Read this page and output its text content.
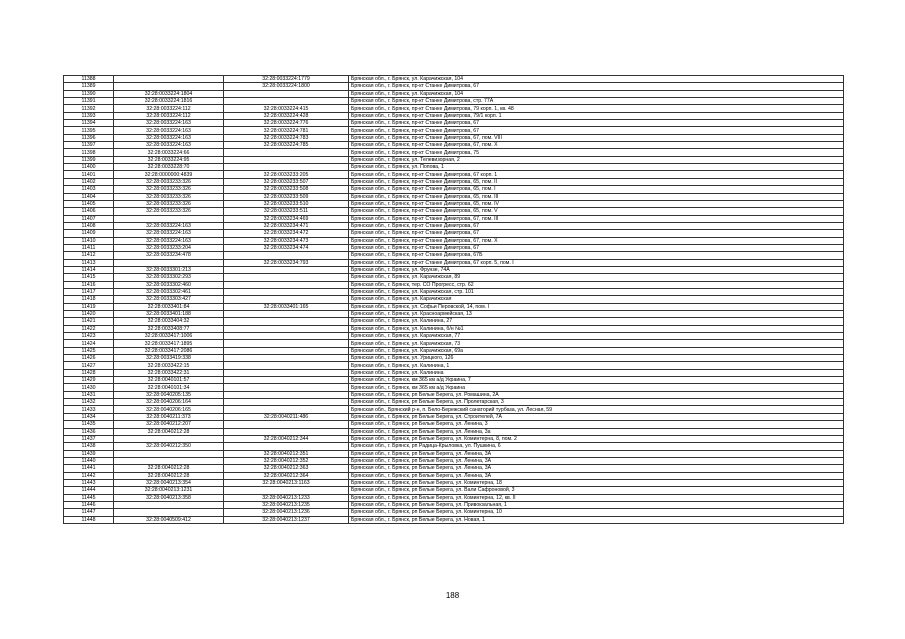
11388		32:28:0033224:1779	Брянская обл., г. Брянск, ул. Карачижская, 104
11389		32:28:0033224:1800	Брянская обл., г. Брянск, пр-кт Станке Димитрова, 67
11390	32:28:0033224:1804		Брянская обл., г. Брянск, ул. Карачижская, 104
11391	32:28:0033224:1816		Брянская обл., г. Брянск, пр-кт Станке Димитрова, стр. 77А
11392	32:28:0033224:112	32:28:0033224:415	Брянская обл., г. Брянск, пр-кт Станке Димитрова, 79 корп. 1, кв. 48
11393	32:28:0033224:112	32:28:0033224:428	Брянская обл., г. Брянск, пр-кт Станке Димитрова, 79/1 корп. 1
11394	32:28:0033224:163	32:28:0033224:776	Брянская обл., г. Брянск, пр-кт Станке Димитрова, 67
11395	32:28:0033224:163	32:28:0033224:781	Брянская обл., г. Брянск, пр-кт Станке Димитрова, 67
11396	32:28:0033224:163	32:28:0033224:783	Брянская обл., г. Брянск, пр-кт Станке Димитрова, 67, пом. VIII
11397	32:28:0033224:163	32:28:0033224:785	Брянская обл., г. Брянск, пр-кт Станке Димитрова, 67, пом. X
11398	32:28:0033224:66		Брянская обл., г. Брянск, пр-кт Станке Димитрова, 75
11399	32:28:0033224:95		Брянская обл., г. Брянск, ул. Телевизорная, 2
11400	32:28:0033228:70		Брянская обл., г. Брянск, ул. Попова, 1
11401	32:28:0000000:4839	32:28:0033233:205	Брянская обл., г. Брянск, пр-кт Станке Димитрова, 67 корп. 1
11402	32:28:0033233:326	32:28:0033233:507	Брянская обл., г. Брянск, пр-кт Станке Димитрова, 65, пом. II
11403	32:28:0033233:326	32:28:0033233:508	Брянская обл., г. Брянск, пр-кт Станке Димитрова, 65, пом. I
11404	32:28:0033233:326	32:28:0033233:509	Брянская обл., г. Брянск, пр-кт Станке Димитрова, 65, пом. III
11405	32:28:0033233:326	32:28:0033233:510	Брянская обл., г. Брянск, пр-кт Станке Димитрова, 65, пом. IV
11406	32:28:0033233:326	32:28:0033233:511	Брянская обл., г. Брянск, пр-кт Станке Димитрова, 65, пом. V
11407		32:28:0033234:469	Брянская обл., г. Брянск, пр-кт Станке Димитрова, 67, пом. III
11408	32:28:0033224:163	32:28:0033234:471	Брянская обл., г. Брянск, пр-кт Станке Димитрова, 67
11409	32:28:0033224:163	32:28:0033234:472	Брянская обл., г. Брянск, пр-кт Станке Димитрова, 67
11410	32:28:0033224:163	32:28:0033234:473	Брянская обл., г. Брянск, пр-кт Станке Димитрова, 67, пом. X
11411	32:28:0033233:204	32:28:0033234:474	Брянская обл., г. Брянск, пр-кт Станке Димитрова, 67
11412	32:28:0033234:478		Брянская обл., г. Брянск, пр-кт Станке Димитрова, 67Б
11413		32:28:0033234:793	Брянская обл., г. Брянск, пр-кт Станке Димитрова, 67 корп. 5, пом. I
11414	32:28:0033301:213		Брянская обл., г. Брянск, ул. Фрунзе, 74А
11415	32:28:0033302:293		Брянская обл., г. Брянск, ул. Карачижская, 89
11416	32:28:0033302:460		Брянская обл., г. Брянск, тер. СО Прогресс, стр. 62
11417	32:28:0033302:461		Брянская обл., г. Брянск, ул. Карачижская, стр. 101
11418	32:28:0033303:427		Брянская обл., г. Брянск, ул. Карачижская
11419	32:28:0033401:84	32:28:0033401:165	Брянская обл., г. Брянск, ул. Софьи Перовской, 14, пом. I
11420	32:28:0033401:188		Брянская обл., г. Брянск, ул. Красноармейская, 13
11421	32:28:0033404:32		Брянская обл., г. Брянск, ул. Калинина, 27
11422	32:28:0033408:77		Брянская обл., г. Брянск, ул. Калинина, б/н №1
11423	32:28:0033417:1006		Брянская обл., г. Брянск, ул. Карачижская, 77
11424	32:28:0033417:1895		Брянская обл., г. Брянск, ул. Карачижская, 73
11425	32:28:0033417:2086		Брянская обл., г. Брянск, ул. Карачижская, 69а
11426	32:28:0033419:338		Брянская обл., г. Брянск, ул. Урицкого, 126
11427	32:28:0033422:15		Брянская обл., г. Брянск, ул. Калинина, 1
11428	32:28:0033422:31		Брянская обл., г. Брянск, ул. Калинина
11429	32:28:0040101:57		Брянская обл., г. Брянск, км 365 км а/д Украина, 7
11430	32:28:0040101:34		Брянская обл., г. Брянск, км 365 км а/д Украина
11431	32:28:0040205:135		Брянская обл., г. Брянск, рп Белые Берега, ул. Ромашина, 2А
11432	32:28:0040206:164		Брянская обл., г. Брянск, рп Белые Берега, ул. Пролетарская, 3
11433	32:28:0040206:165		Брянская обл., Брянский р-н, п. Бело-Бережский санаторий турбаза, ул. Лесная, 59
11434	32:28:0040211:373	32:28:0040211:486	Брянская обл., г. Брянск, рп Белые Берега, ул. Строителей, 7А
11435	32:28:0040212:207		Брянская обл., г. Брянск, рп Белые Берега, ул. Ленина, 3
11436	32:28:0040212:28		Брянская обл., г. Брянск, рп Белые Берега, ул. Ленина, 3а
11437		32:28:0040212:344	Брянская обл., г. Брянск, рп Белые Берега, ул. Коминтерна, 8, пом. 2
11438	32:28:0040212:350		Брянская обл., г. Брянск, рп Радица-Крыловка, ул. Пушкина, 6
11439		32:28:0040212:351	Брянская обл., г. Брянск, рп Белые Берега, ул. Ленина, 3А
11440		32:28:0040212:352	Брянская обл., г. Брянск, рп Белые Берега, ул. Ленина, 3А
11441	32:28:0040212:28	32:28:0040212:363	Брянская обл., г. Брянск, рп Белые Берега, ул. Ленина, 3А
11442	32:28:0040212:28	32:28:0040212:364	Брянская обл., г. Брянск, рп Белые Берега, ул. Ленина, 3А
11443	32:28:0040213:354	32:28:0040213:1163	Брянская обл., г. Брянск, рп Белые Берега, ул. Коминтерна, 18
11444	32:28:0040213:1231		Брянская обл., г. Брянск, рп Белые Берега, ул. Вали Сафроновой, 3
11445	32:28:0040213:358	32:28:0040213:1233	Брянская обл., г. Брянск, рп Белые Берега, ул. Коминтерна, 12, кв. II
11446		32:28:0040213:1235	Брянская обл., г. Брянск, рп Белые Берега, ул. Привокзальная, 1
11447		32:28:0040213:1236	Брянская обл., г. Брянск, рп Белые Берега, ул. Коминтерна, 10
11448	32:28:0040509:412	32:28:0040213:1237	Брянская обл., г. Брянск, рп Белые Берега, ул. Новая, 1
188
